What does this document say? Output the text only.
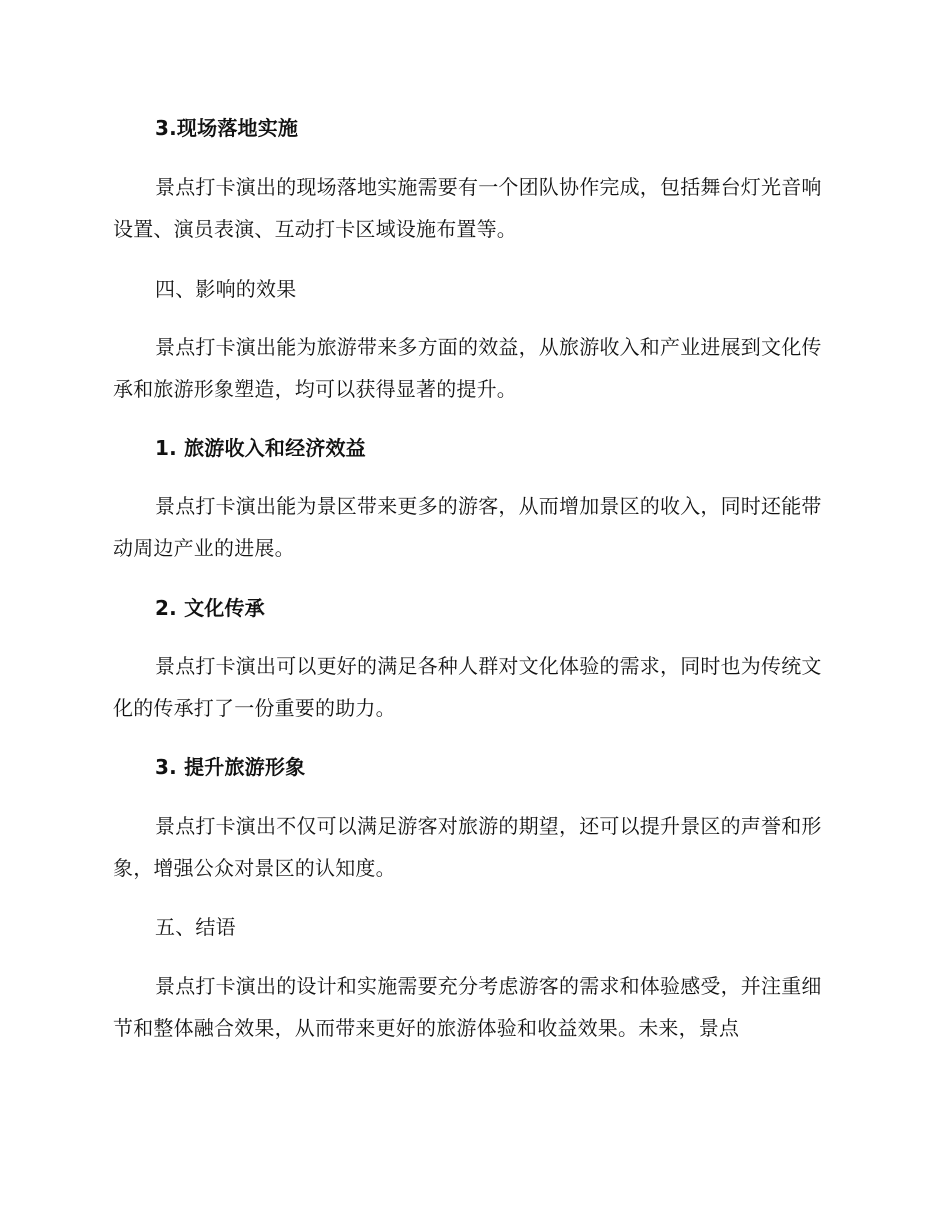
3.现场落地实施

景点打卡演出的现场落地实施需要有一个团队协作完成，包括舞台灯光音响设置、演员表演、互动打卡区域设施布置等。

四、影响的效果

景点打卡演出能为旅游带来多方面的效益，从旅游收入和产业进展到文化传承和旅游形象塑造，均可以获得显著的提升。

1. 旅游收入和经济效益

景点打卡演出能为景区带来更多的游客，从而增加景区的收入，同时还能带动周边产业的进展。

2. 文化传承

景点打卡演出可以更好的满足各种人群对文化体验的需求，同时也为传统文化的传承打了一份重要的助力。

3. 提升旅游形象

景点打卡演出不仅可以满足游客对旅游的期望，还可以提升景区的声誉和形象，增强公众对景区的认知度。

五、结语

景点打卡演出的设计和实施需要充分考虑游客的需求和体验感受，并注重细节和整体融合效果，从而带来更好的旅游体验和收益效果。未来，景点
